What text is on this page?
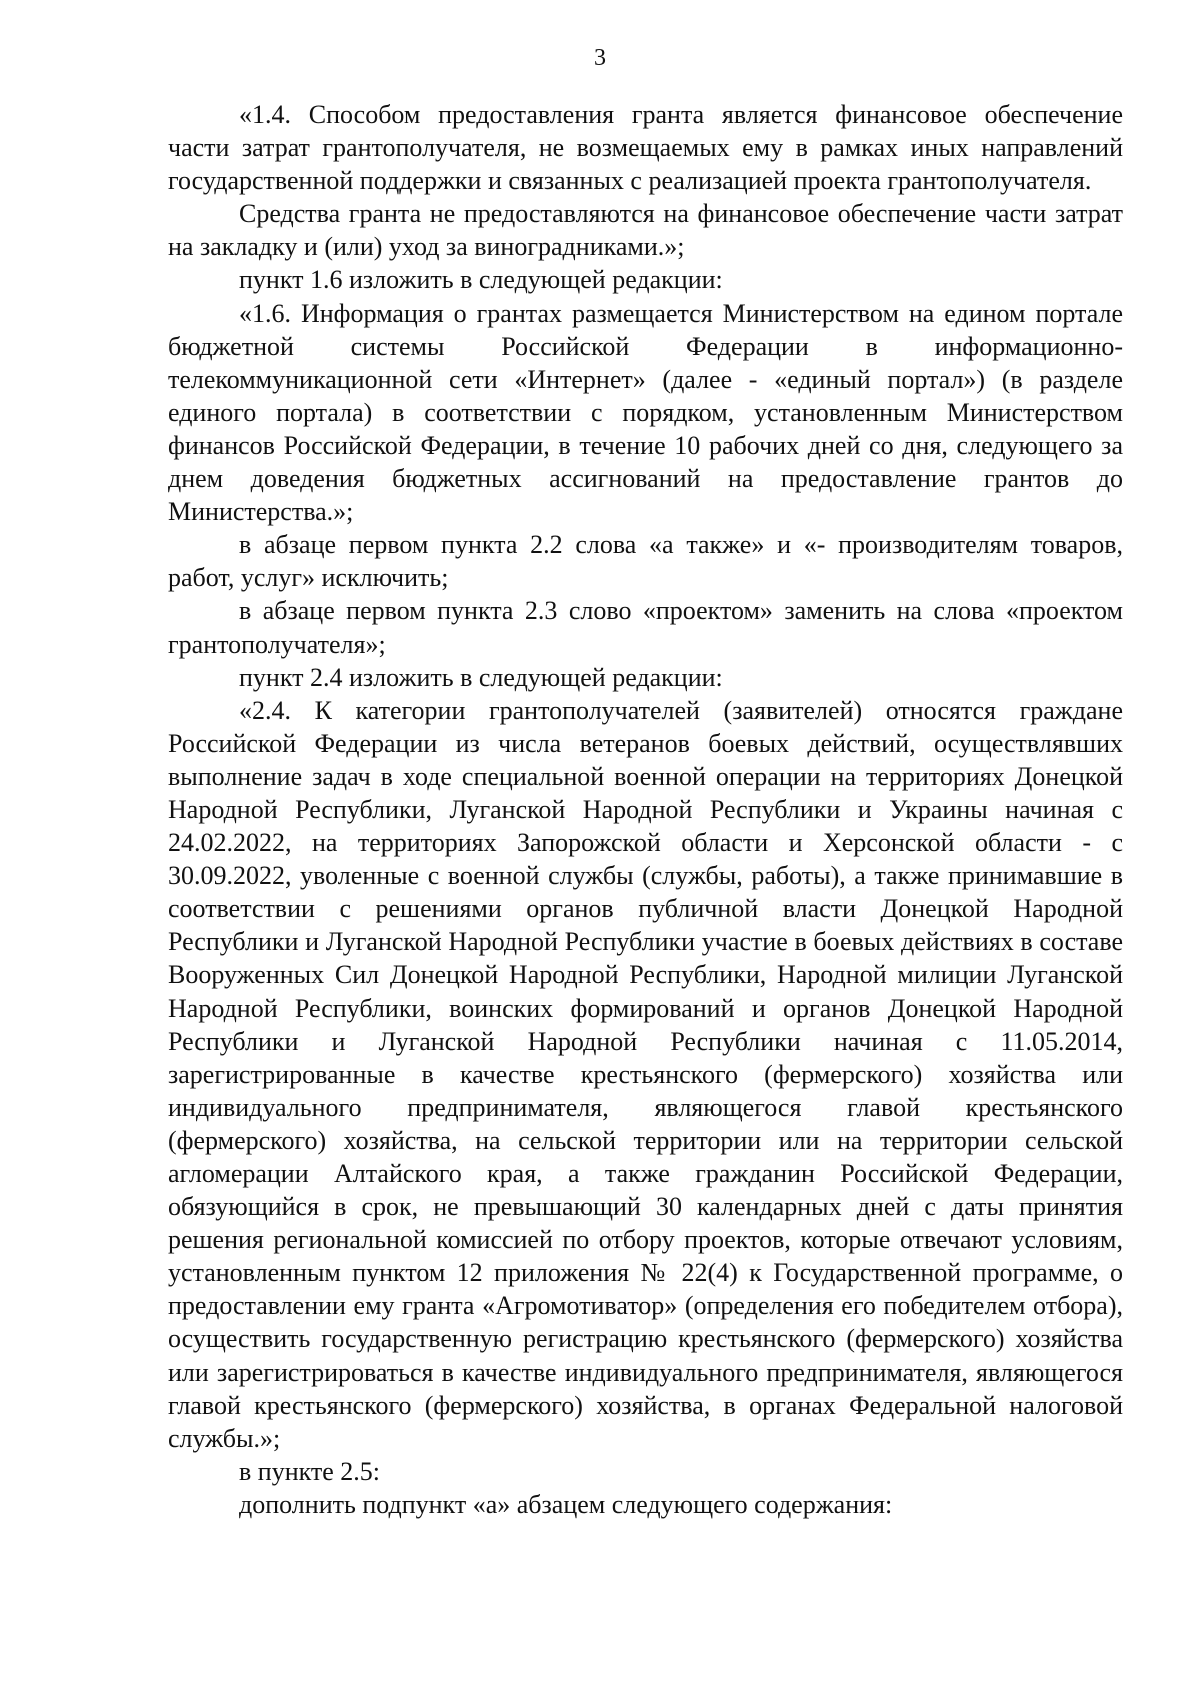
3

«1.4. Способом предоставления гранта является финансовое обеспечение части затрат грантополучателя, не возмещаемых ему в рамках иных направлений государственной поддержки и связанных с реализацией проекта грантополучателя.

Средства гранта не предоставляются на финансовое обеспечение части затрат на закладку и (или) уход за виноградниками.»;

пункт 1.6 изложить в следующей редакции:

«1.6. Информация о грантах размещается Министерством на едином портале бюджетной системы Российской Федерации в информационно-телекоммуникационной сети «Интернет» (далее - «единый портал») (в разделе единого портала) в соответствии с порядком, установленным Министерством финансов Российской Федерации, в течение 10 рабочих дней со дня, следующего за днем доведения бюджетных ассигнований на предоставление грантов до Министерства.»;

в абзаце первом пункта 2.2 слова «а также» и «- производителям товаров, работ, услуг» исключить;

в абзаце первом пункта 2.3 слово «проектом» заменить на слова «проектом грантополучателя»;

пункт 2.4 изложить в следующей редакции:

«2.4. К категории грантополучателей (заявителей) относятся граждане Российской Федерации из числа ветеранов боевых действий, осуществлявших выполнение задач в ходе специальной военной операции на территориях Донецкой Народной Республики, Луганской Народной Республики и Украины начиная с 24.02.2022, на территориях Запорожской области и Херсонской области - с 30.09.2022, уволенные с военной службы (службы, работы), а также принимавшие в соответствии с решениями органов публичной власти Донецкой Народной Республики и Луганской Народной Республики участие в боевых действиях в составе Вооруженных Сил Донецкой Народной Республики, Народной милиции Луганской Народной Республики, воинских формирований и органов Донецкой Народной Республики и Луганской Народной Республики начиная с 11.05.2014, зарегистрированные в качестве крестьянского (фермерского) хозяйства или индивидуального предпринимателя, являющегося главой крестьянского (фермерского) хозяйства, на сельской территории или на территории сельской агломерации Алтайского края, а также гражданин Российской Федерации, обязующийся в срок, не превышающий 30 календарных дней с даты принятия решения региональной комиссией по отбору проектов, которые отвечают условиям, установленным пунктом 12 приложения № 22(4) к Государственной программе, о предоставлении ему гранта «Агромотиватор» (определения его победителем отбора), осуществить государственную регистрацию крестьянского (фермерского) хозяйства или зарегистрироваться в качестве индивидуального предпринимателя, являющегося главой крестьянского (фермерского) хозяйства, в органах Федеральной налоговой службы.»;

в пункте 2.5:

дополнить подпункт «а» абзацем следующего содержания:
